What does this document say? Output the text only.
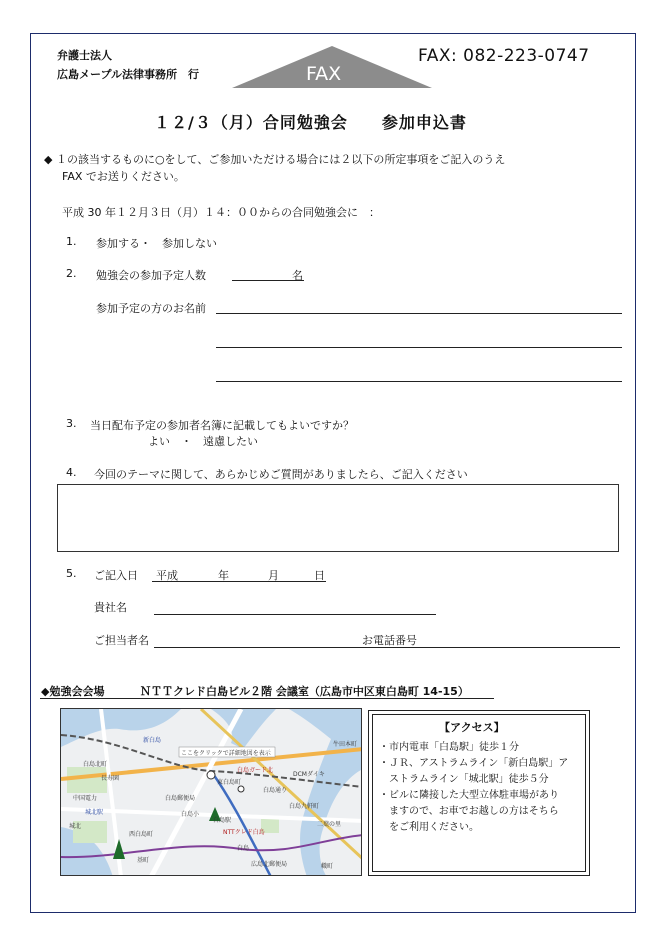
弁護士法人
広島メープル法律事務所　行	FAX
FAX: 082-223-0747
１２/３（月）合同勉強会　　参加申込書
◆ １の該当するものに○をして、ご参加いただける場合には２以下の所定事項をご記入のうえ
FAX でお送りください。
平成 30 年１２月３日（月）１４：００からの合同勉強会に　：
1. 参加する・　参加しない
2. 勉強会の参加予定人数	名
参加予定の方のお名前
3. 当日配布予定の参加者名簿に記載してもよいですか？
よい　・　遠慮したい
4. 今回のテーマに関して、あらかじめご質問がありましたら、ご記入ください
5. ご記入日 平成	年	月	日
貴社名
ご担当者名	お電話番号
◆勉強会会場	ＮＴＴクレド白島ビル２階 会議室（広島市中区東白島町 14-15）
新白島
白島駅
東白島町
白島九軒町
城北
西白島町
白島
基町
白島北町
二葉の里
牛田本町
NTTクレド白島
白島ガード北
白島郵便局
ここをクリックで詳細地図を表示
DCMダイキ
広島北郵便局
中国電力
白島小
幟町
城北駅
長寿園
白島通り
【アクセス】
・市内電車「白島駅」徒歩１分
・ＪＲ、アストラムライン「新白島駅」ア
　ストラムライン「城北駅」徒歩５分
・ビルに隣接した大型立体駐車場があり
　ますので、お車でお越しの方はそちら
　をご利用ください。
